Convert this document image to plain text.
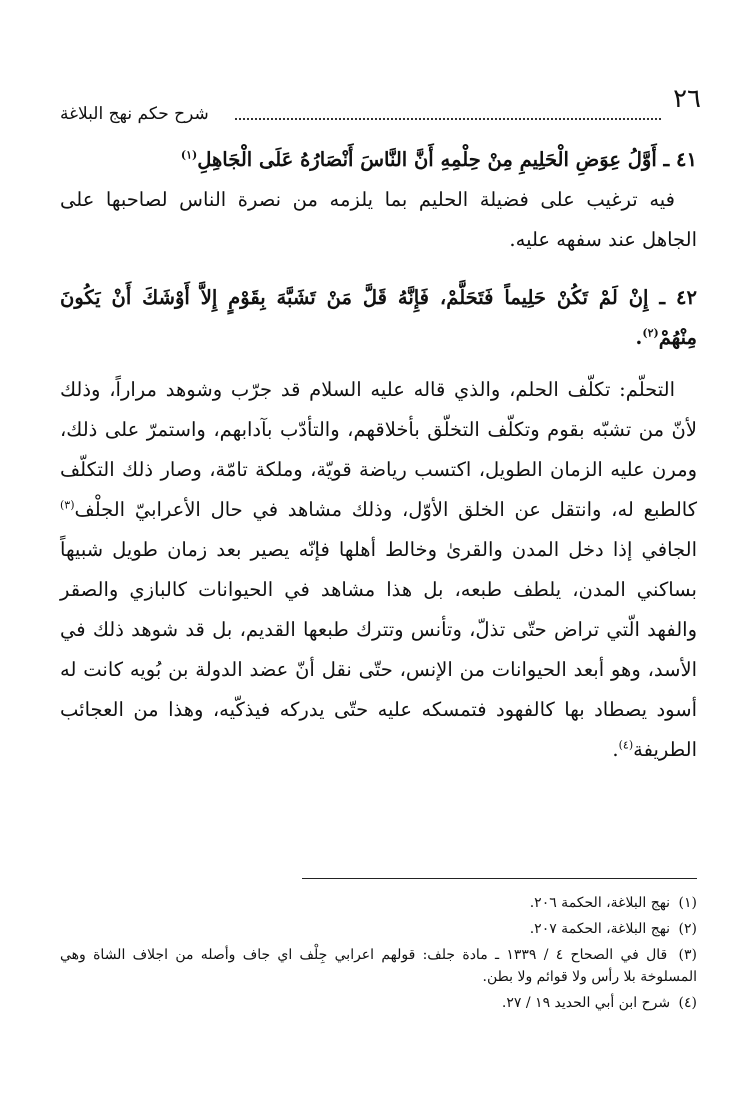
٢٦
شرح حكم نهج البلاغة

٤١ ـ أَوَّلُ عِوَضِ الْحَلِيمِ مِنْ حِلْمِهِ أَنَّ النَّاسَ أَنْصَارُهُ عَلَى الْجَاهِلِ$^{(١)}$

فيه ترغيب على فضيلة الحليم بما يلزمه من نصرة الناس لصاحبها على الجاهل عند سفهه عليه.

٤٢ ـ إِنْ لَمْ تَكُنْ حَلِيماً فَتَحَلَّمْ، فَإِنَّهُ قَلَّ مَنْ تَشَبَّهَ بِقَوْمٍ إِلاَّ أَوْشَكَ أَنْ يَكُونَ مِنْهُمْ$^{(٢)}$.

التحلّم: تكلّف الحلم، والذي قاله عليه السلام قد جرّب وشوهد مراراً، وذلك لأنّ من تشبّه بقوم وتكلّف التخلّق بأخلاقهم، والتأدّب بآدابهم، واستمرّ على ذلك، ومرن عليه الزمان الطويل، اكتسب رياضة قويّة، وملكة تامّة، وصار ذلك التكلّف كالطبع له، وانتقل عن الخلق الأوّل، وذلك مشاهد في حال الأعرابيّ الجلْف$^{(٣)}$ الجافي إذا دخل المدن والقرىٰ وخالط أهلها فإنّه يصير بعد زمان طويل شبيهاً بساكني المدن، يلطف طبعه، بل هذا مشاهد في الحيوانات كالبازي والصقر والفهد الّتي تراض حتّى تذلّ، وتأنس وتترك طبعها القديم، بل قد شوهد ذلك في الأسد، وهو أبعد الحيوانات من الإنس، حتّى نقل أنّ عضد الدولة بن بُويه كانت له أسود يصطاد بها كالفهود فتمسكه عليه حتّى يدركه فيذكّيه، وهذا من العجائب الطريفة$^{(٤)}$.

(١) نهج البلاغة، الحكمة ٢٠٦.

(٢) نهج البلاغة، الحكمة ٢٠٧.

(٣) قال في الصحاح ٤ / ١٣٣٩ ـ مادة جلف: قولهم اعرابي جِلْف اي جاف وأصله من اجلاف الشاة وهي المسلوخة بلا رأس ولا قوائم ولا بطن.

(٤) شرح ابن أبي الحديد ١٩ / ٢٧.
